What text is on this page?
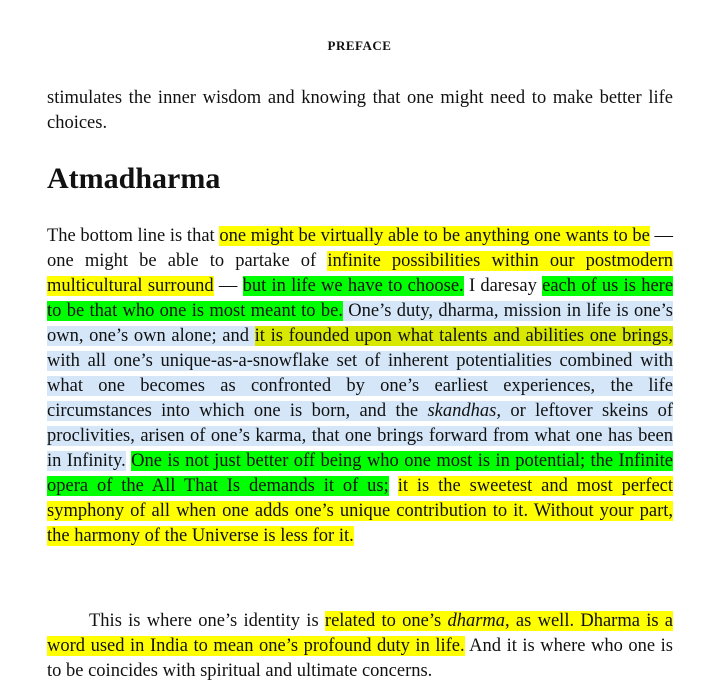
PREFACE
stimulates the inner wisdom and knowing that one might need to make better life choices.
Atmadharma
The bottom line is that one might be virtually able to be anything one wants to be — one might be able to partake of infinite possibilities within our postmodern multicultural surround — but in life we have to choose. I daresay each of us is here to be that who one is most meant to be. One’s duty, dharma, mission in life is one’s own, one’s own alone; and it is founded upon what talents and abilities one brings, with all one’s unique-as-a-snowflake set of inherent potentialities combined with what one becomes as confronted by one’s earliest experiences, the life circumstances into which one is born, and the skandhas, or leftover skeins of proclivities, arisen of one’s karma, that one brings forward from what one has been in Infinity. One is not just better off being who one most is in potential; the Infinite opera of the All That Is demands it of us; it is the sweetest and most perfect symphony of all when one adds one’s unique contribution to it. Without your part, the harmony of the Universe is less for it.
This is where one’s identity is related to one’s dharma, as well. Dharma is a word used in India to mean one’s profound duty in life. And it is where who one is to be coincides with spiritual and ultimate concerns.
